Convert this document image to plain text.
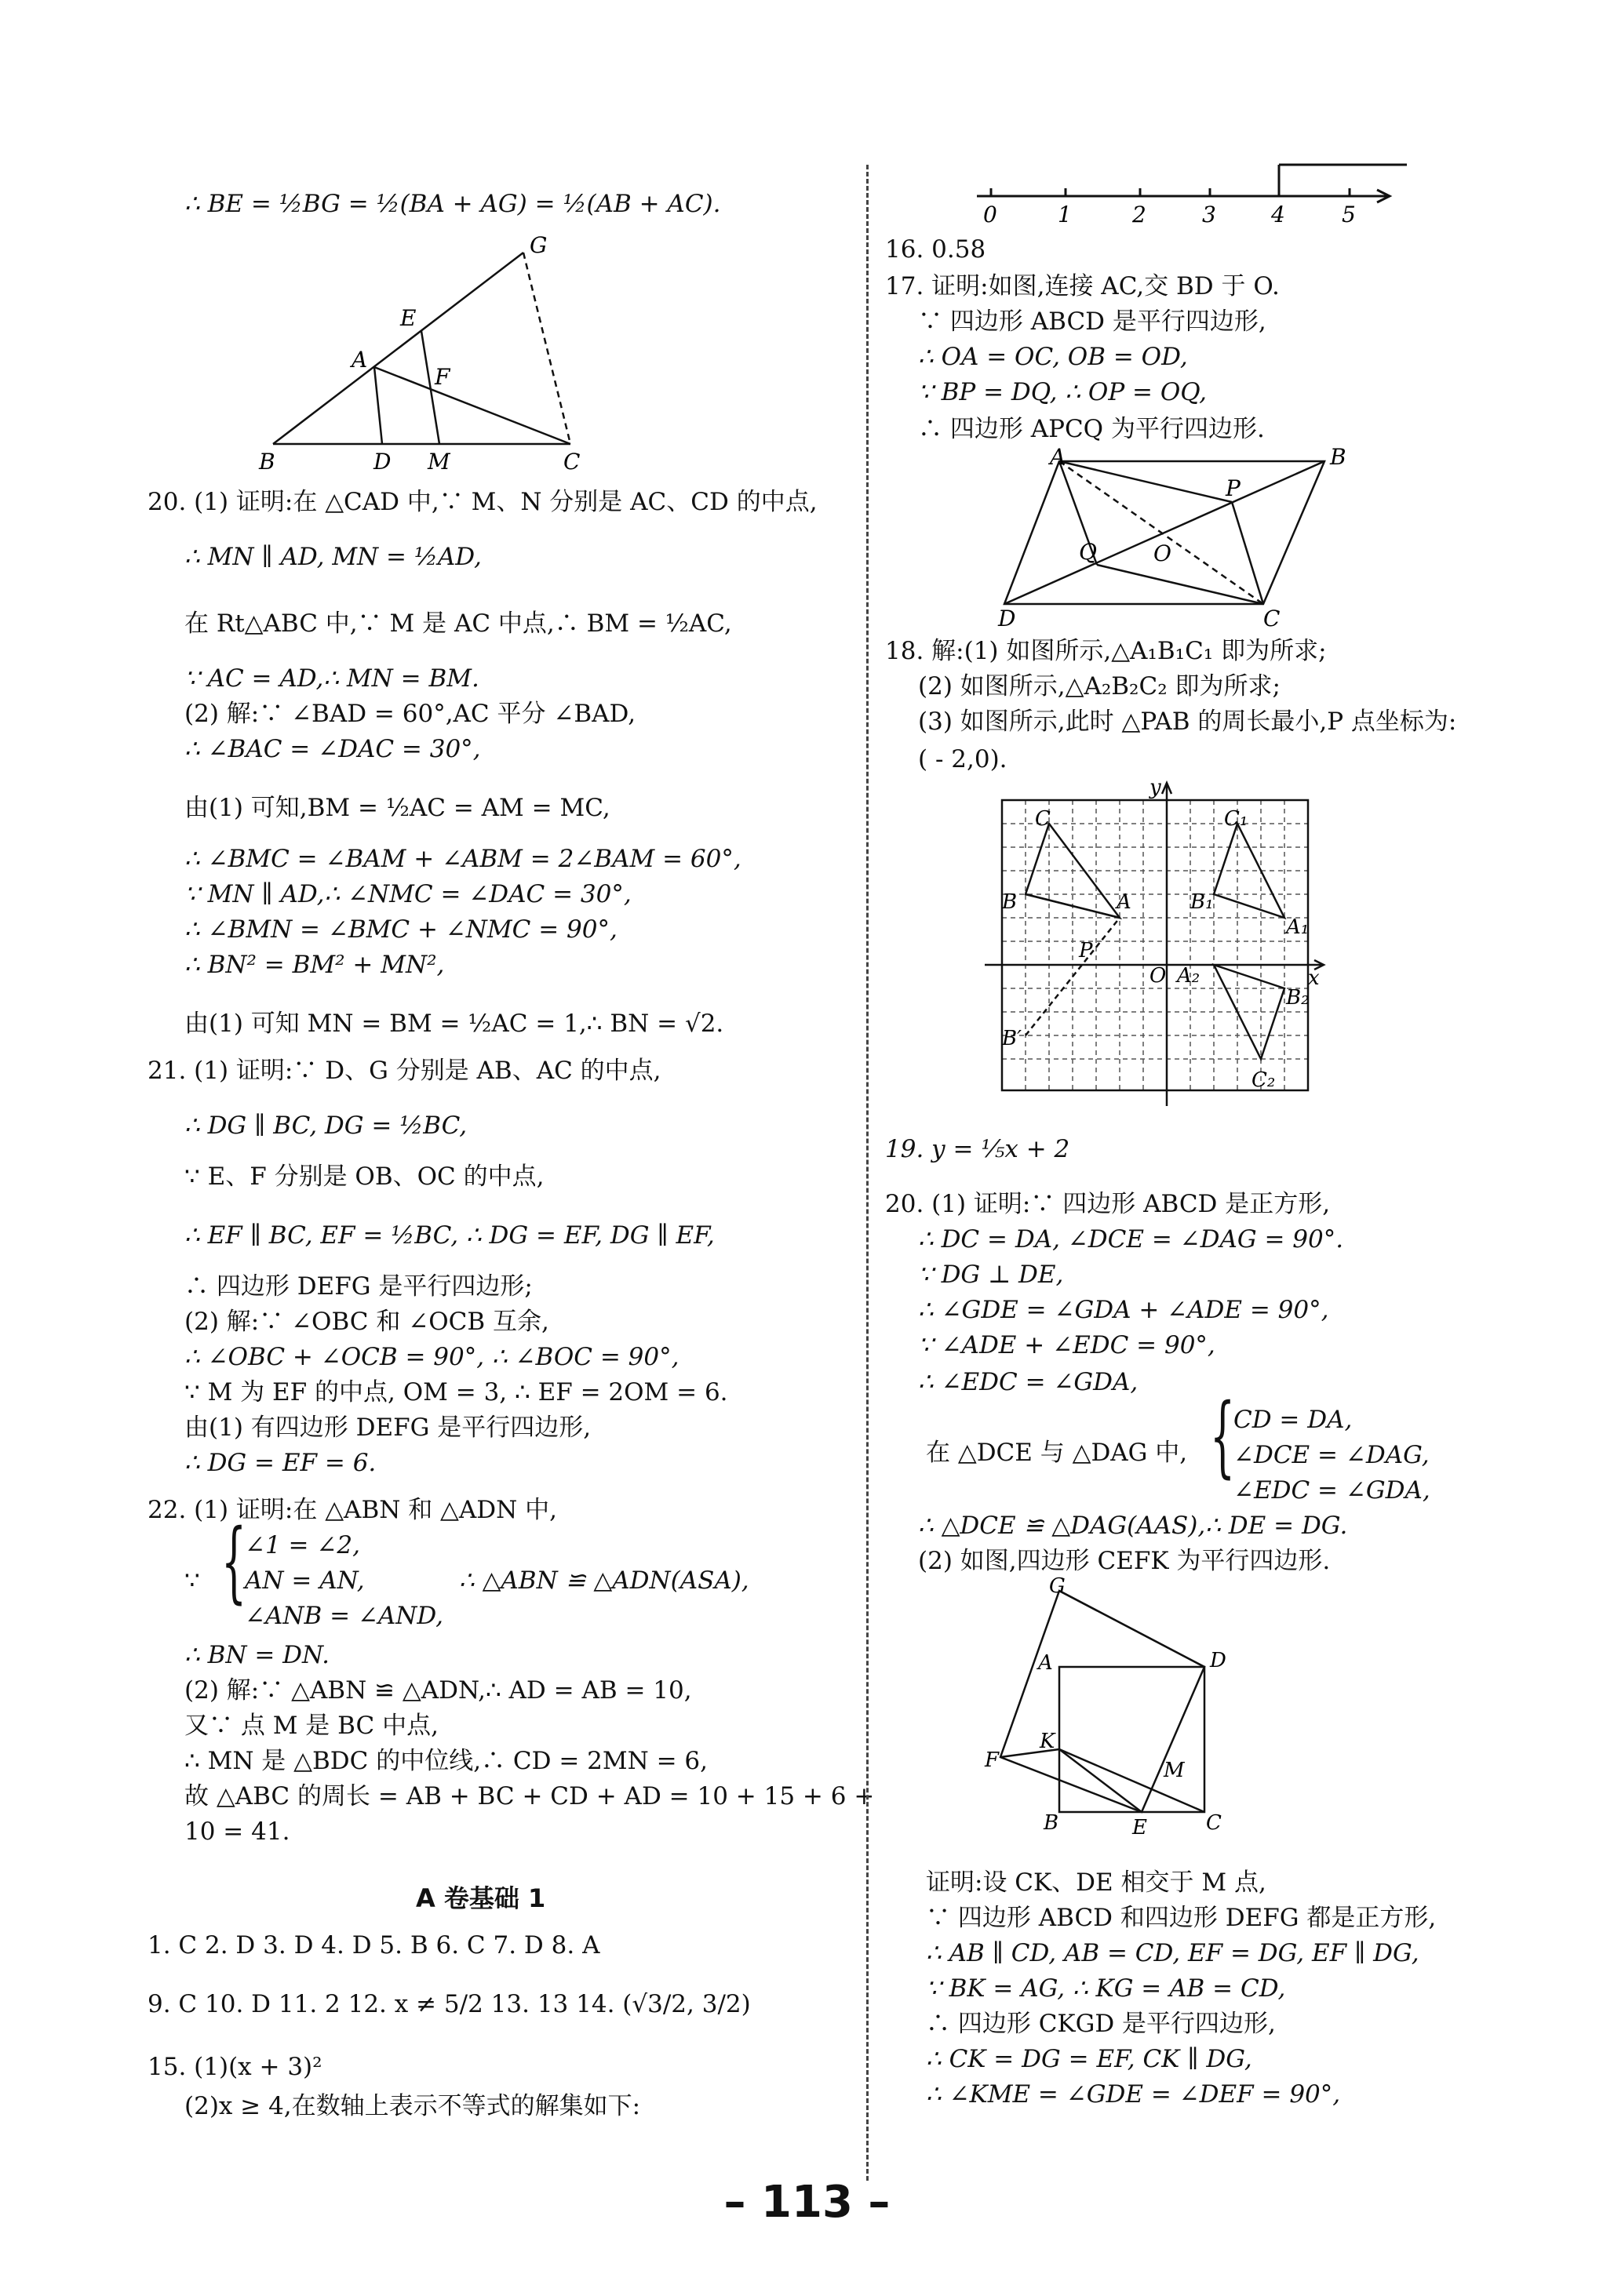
∴ BE = ½BG = ½(BA + AG) = ½(AB + AC).
G
E
A
F
B	D M	C
20. (1) 证明:在 △CAD 中,∵ M、N 分别是 AC、CD 的中点,
∴ MN ∥ AD, MN = ½AD,
在 Rt△ABC 中,∵ M 是 AC 中点,∴ BM = ½AC,
∵ AC = AD,∴ MN = BM.
(2) 解:∵ ∠BAD = 60°,AC 平分 ∠BAD,
∴ ∠BAC = ∠DAC = 30°,
由(1) 可知,BM = ½AC = AM = MC,
∴ ∠BMC = ∠BAM + ∠ABM = 2∠BAM = 60°,
∵ MN ∥ AD,∴ ∠NMC = ∠DAC = 30°,
∴ ∠BMN = ∠BMC + ∠NMC = 90°,
∴ BN² = BM² + MN²,
由(1) 可知 MN = BM = ½AC = 1,∴ BN = √2.
21. (1) 证明:∵ D、G 分别是 AB、AC 的中点,
∴ DG ∥ BC, DG = ½BC,
∵ E、F 分别是 OB、OC 的中点,
∴ EF ∥ BC, EF = ½BC, ∴ DG = EF, DG ∥ EF,
∴ 四边形 DEFG 是平行四边形;
(2) 解:∵ ∠OBC 和 ∠OCB 互余,
∴ ∠OBC + ∠OCB = 90°, ∴ ∠BOC = 90°,
∵ M 为 EF 的中点, OM = 3, ∴ EF = 2OM = 6.
由(1) 有四边形 DEFG 是平行四边形,
∴ DG = EF = 6.
22. (1) 证明:在 △ABN 和 △ADN 中,
∵ {
∠1 = ∠2,
AN = AN,
∠ANB = ∠AND,
∴ △ABN ≌ △ADN(ASA),
∴ BN = DN.
(2) 解:∵ △ABN ≌ △ADN,∴ AD = AB = 10,
又∵ 点 M 是 BC 中点,
∴ MN 是 △BDC 的中位线,∴ CD = 2MN = 6,
故 △ABC 的周长 = AB + BC + CD + AD = 10 + 15 + 6 +
10 = 41.
A 卷基础 1
1. C 2. D 3. D 4. D 5. B 6. C 7. D 8. A
9. C 10. D 11. 2 12. x ≠ 5/2 13. 13 14. (√3/2, 3/2)
15. (1)(x + 3)²
(2)x ≥ 4,在数轴上表示不等式的解集如下:
0	1	2	3	4	5
16. 0.58
17. 证明:如图,连接 AC,交 BD 于 O.
∵ 四边形 ABCD 是平行四边形,
∴ OA = OC, OB = OD,
∵ BP = DQ, ∴ OP = OQ,
∴ 四边形 APCQ 为平行四边形.
A	B
P
Q	O
D	C
18. 解:(1) 如图所示,△A₁B₁C₁ 即为所求;
(2) 如图所示,△A₂B₂C₂ 即为所求;
(3) 如图所示,此时 △PAB 的周长最小,P 点坐标为:
( - 2,0).
y
x
C	C₁
B	B₁
A
A₁
P
O A₂
B₂
B′
C₂
19. y = ⅕x + 2
20. (1) 证明:∵ 四边形 ABCD 是正方形,
∴ DC = DA, ∠DCE = ∠DAG = 90°.
∵ DG ⊥ DE,
∴ ∠GDE = ∠GDA + ∠ADE = 90°,
∵ ∠ADE + ∠EDC = 90°,
∴ ∠EDC = ∠GDA,
在 △DCE 与 △DAG 中, {
CD = DA,
∠DCE = ∠DAG,
∠EDC = ∠GDA,
∴ △DCE ≌ △DAG(AAS),∴ DE = DG.
(2) 如图,四边形 CEFK 为平行四边形.
G
A	D
K
F	M
B	E	C
证明:设 CK、DE 相交于 M 点,
∵ 四边形 ABCD 和四边形 DEFG 都是正方形,
∴ AB ∥ CD, AB = CD, EF = DG, EF ∥ DG,
∵ BK = AG, ∴ KG = AB = CD,
∴ 四边形 CKGD 是平行四边形,
∴ CK = DG = EF, CK ∥ DG,
∴ ∠KME = ∠GDE = ∠DEF = 90°,
– 113 –
